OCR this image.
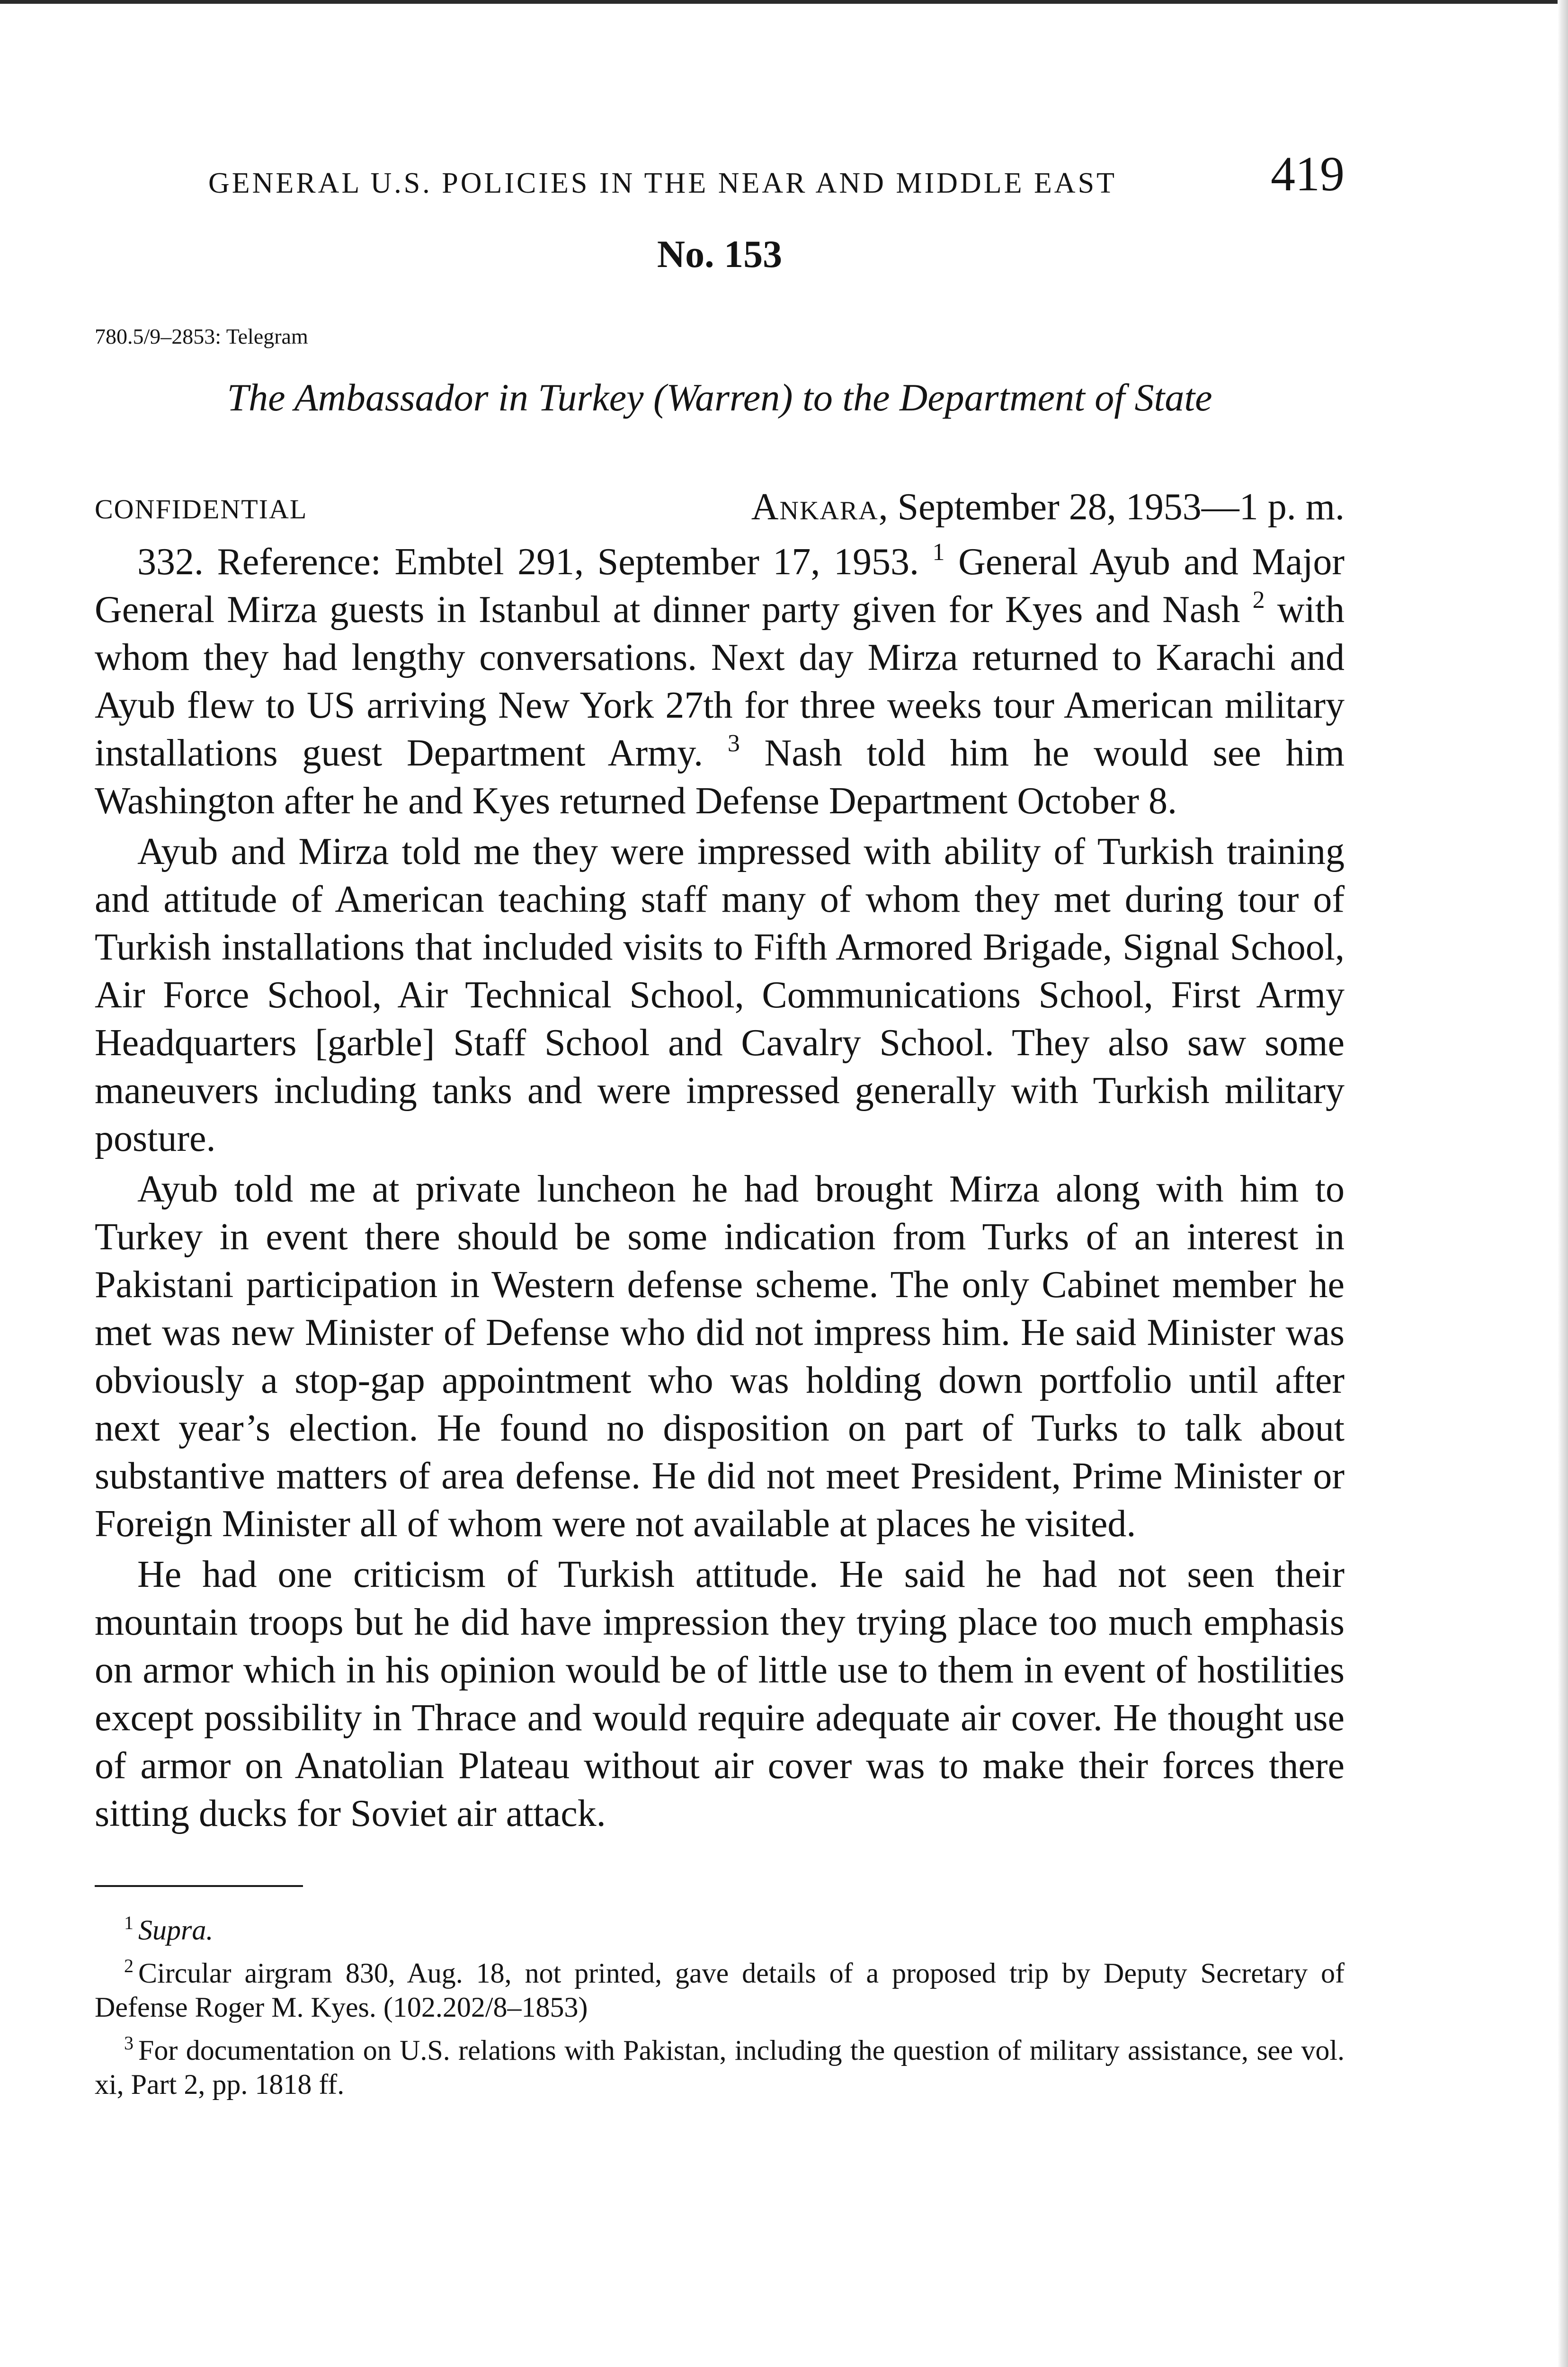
GENERAL U.S. POLICIES IN THE NEAR AND MIDDLE EAST	419
No. 153
780.5/9–2853: Telegram
The Ambassador in Turkey (Warren) to the Department of State
CONFIDENTIAL	Ankara, September 28, 1953—1 p. m.

332. Reference: Embtel 291, September 17, 1953. $^1$ General Ayub and Major General Mirza guests in Istanbul at dinner party given for Kyes and Nash $^2$ with whom they had lengthy conversations. Next day Mirza returned to Karachi and Ayub flew to US arriving New York 27th for three weeks tour American military installations guest Department Army. $^3$ Nash told him he would see him Washington after he and Kyes returned Defense Department October 8.

Ayub and Mirza told me they were impressed with ability of Turkish training and attitude of American teaching staff many of whom they met during tour of Turkish installations that included visits to Fifth Armored Brigade, Signal School, Air Force School, Air Technical School, Communications School, First Army Headquarters [garble] Staff School and Cavalry School. They also saw some maneuvers including tanks and were impressed generally with Turkish military posture.

Ayub told me at private luncheon he had brought Mirza along with him to Turkey in event there should be some indication from Turks of an interest in Pakistani participation in Western defense scheme. The only Cabinet member he met was new Minister of Defense who did not impress him. He said Minister was obviously a stop-gap appointment who was holding down portfolio until after next year’s election. He found no disposition on part of Turks to talk about substantive matters of area defense. He did not meet President, Prime Minister or Foreign Minister all of whom were not available at places he visited.

He had one criticism of Turkish attitude. He said he had not seen their mountain troops but he did have impression they trying place too much emphasis on armor which in his opinion would be of little use to them in event of hostilities except possibility in Thrace and would require adequate air cover. He thought use of armor on Anatolian Plateau without air cover was to make their forces there sitting ducks for Soviet air attack.

$^1$ Supra.

$^2$ Circular airgram 830, Aug. 18, not printed, gave details of a proposed trip by Deputy Secretary of Defense Roger M. Kyes. (102.202/8–1853)

$^3$ For documentation on U.S. relations with Pakistan, including the question of military assistance, see vol. xi, Part 2, pp. 1818 ff.
